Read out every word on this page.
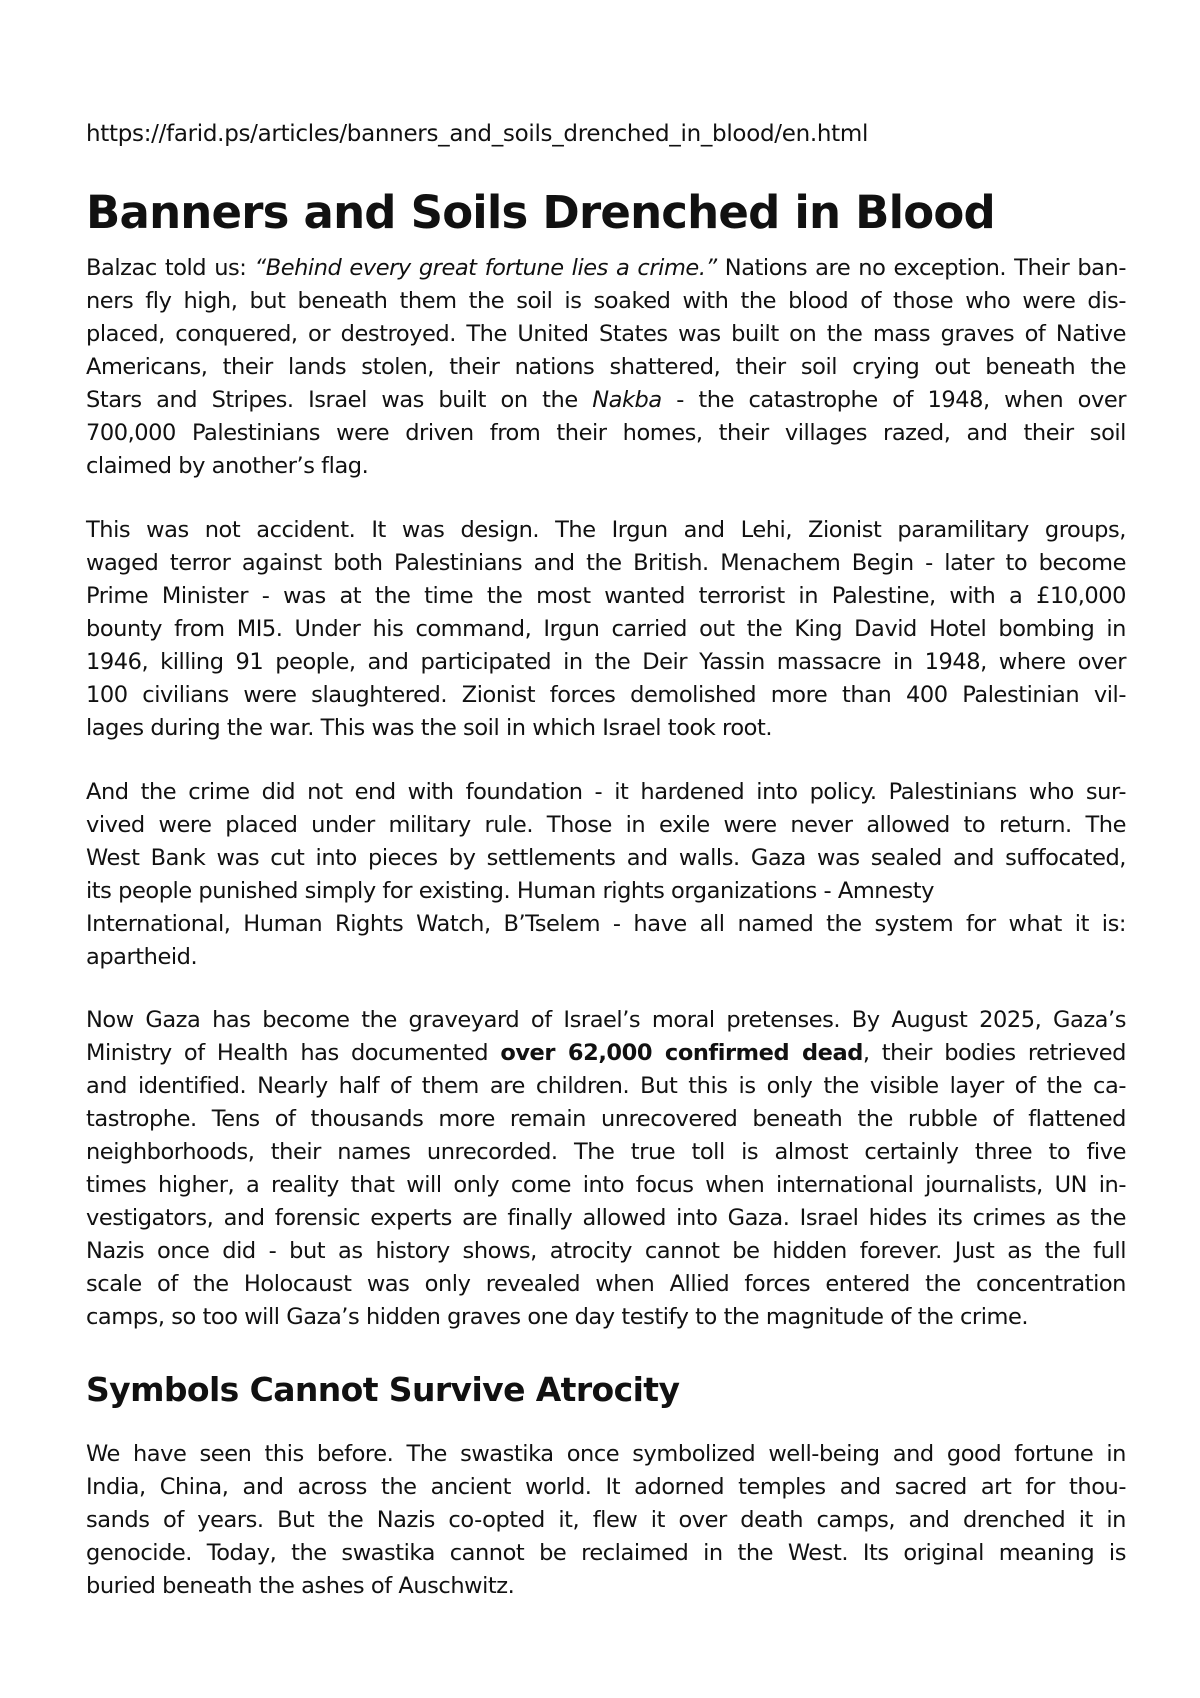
https://farid.ps/articles/banners_and_soils_drenched_in_blood/en.html
Banners and Soils Drenched in Blood
Balzac told us: “Behind every great fortune lies a crime.” Nations are no exception. Their ban-
ners fly high, but beneath them the soil is soaked with the blood of those who were dis-
placed, conquered, or destroyed. The United States was built on the mass graves of Native
Americans, their lands stolen, their nations shattered, their soil crying out beneath the
Stars and Stripes. Israel was built on the Nakba - the catastrophe of 1948, when over
700,000 Palestinians were driven from their homes, their villages razed, and their soil
claimed by another’s flag.
This was not accident. It was design. The Irgun and Lehi, Zionist paramilitary groups,
waged terror against both Palestinians and the British. Menachem Begin - later to become
Prime Minister - was at the time the most wanted terrorist in Palestine, with a £10,000
bounty from MI5. Under his command, Irgun carried out the King David Hotel bombing in
1946, killing 91 people, and participated in the Deir Yassin massacre in 1948, where over
100 civilians were slaughtered. Zionist forces demolished more than 400 Palestinian vil-
lages during the war. This was the soil in which Israel took root.
And the crime did not end with foundation - it hardened into policy. Palestinians who sur-
vived were placed under military rule. Those in exile were never allowed to return. The
West Bank was cut into pieces by settlements and walls. Gaza was sealed and suffocated,
its people punished simply for existing. Human rights organizations - Amnesty
International, Human Rights Watch, B’Tselem - have all named the system for what it is:
apartheid.
Now Gaza has become the graveyard of Israel’s moral pretenses. By August 2025, Gaza’s
Ministry of Health has documented over 62,000 confirmed dead, their bodies retrieved
and identified. Nearly half of them are children. But this is only the visible layer of the ca-
tastrophe. Tens of thousands more remain unrecovered beneath the rubble of flattened
neighborhoods, their names unrecorded. The true toll is almost certainly three to five
times higher, a reality that will only come into focus when international journalists, UN in-
vestigators, and forensic experts are finally allowed into Gaza. Israel hides its crimes as the
Nazis once did - but as history shows, atrocity cannot be hidden forever. Just as the full
scale of the Holocaust was only revealed when Allied forces entered the concentration
camps, so too will Gaza’s hidden graves one day testify to the magnitude of the crime.
Symbols Cannot Survive Atrocity
We have seen this before. The swastika once symbolized well-being and good fortune in
India, China, and across the ancient world. It adorned temples and sacred art for thou-
sands of years. But the Nazis co-opted it, flew it over death camps, and drenched it in
genocide. Today, the swastika cannot be reclaimed in the West. Its original meaning is
buried beneath the ashes of Auschwitz.
